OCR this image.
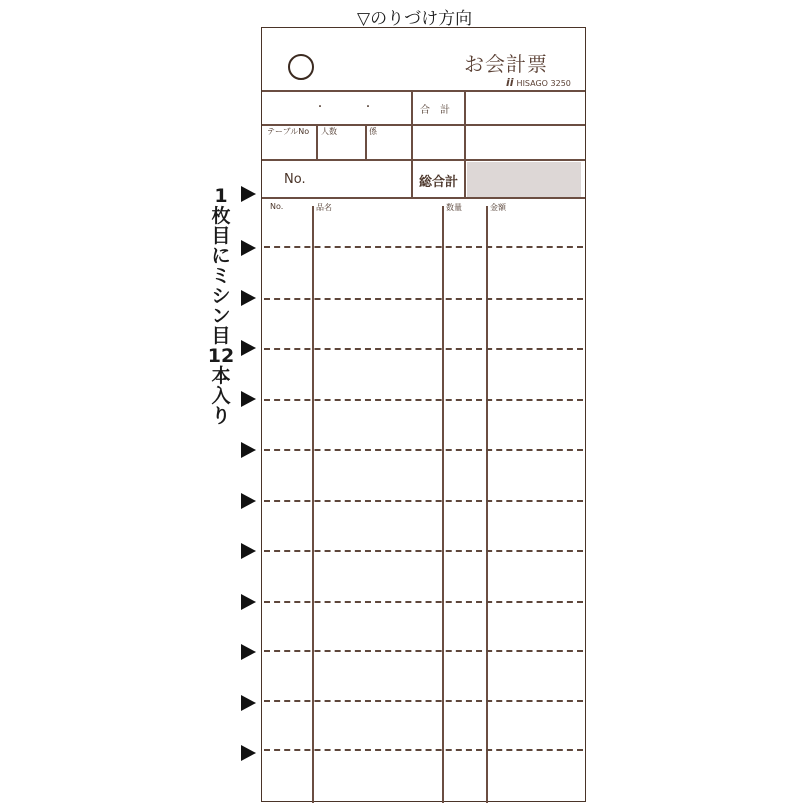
▽のりづけ方向
1
枚
目
に
ミ
シ
ン
目
12
本
入
り
お会計票
ii HISAGO 3250
・	・	合　計
テーブルNo 人数	係
No.	総合計
No.	品名	数量	金額
